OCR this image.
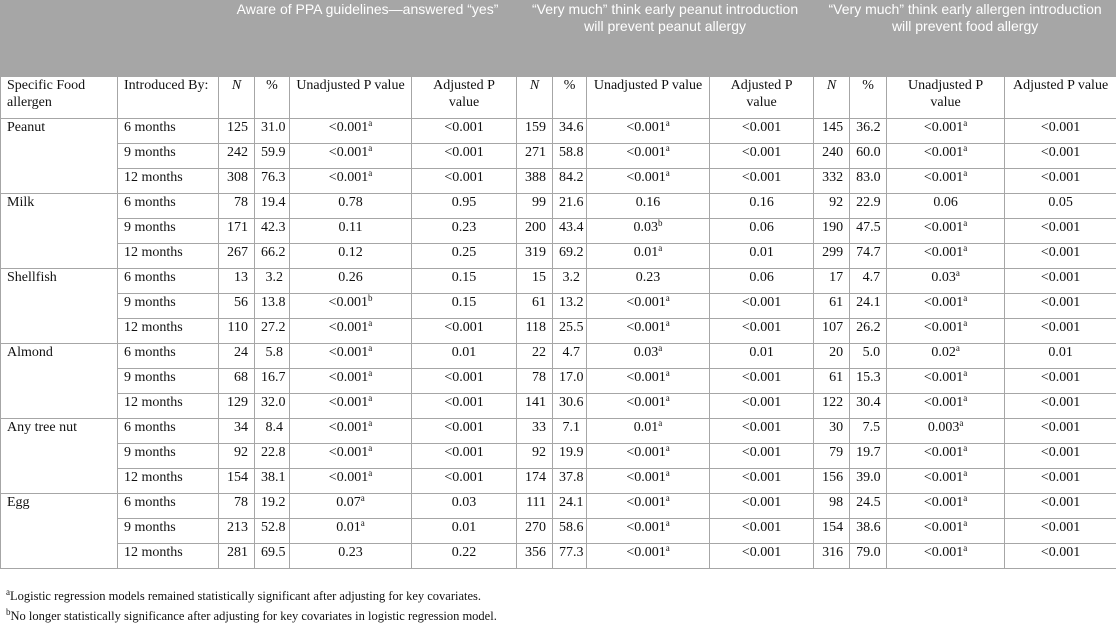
		Aware of PPA guidelines—answered “yes”				“Very much” think early peanut introduction will prevent peanut allergy				“Very much” think early allergen introduction will prevent food allergy			
Specific Food allergen	Introduced By:	N	%	Unadjusted P value	Adjusted P value	N	%	Unadjusted P value	Adjusted P value	N	%	Unadjusted P value	Adjusted P value
Peanut	6 months	125	31.0	<0.001$^a$	<0.001	159	34.6	<0.001$^a$	<0.001	145	36.2	<0.001$^a$	<0.001
	9 months	242	59.9	<0.001$^a$	<0.001	271	58.8	<0.001$^a$	<0.001	240	60.0	<0.001$^a$	<0.001
	12 months	308	76.3	<0.001$^a$	<0.001	388	84.2	<0.001$^a$	<0.001	332	83.0	<0.001$^a$	<0.001
Milk	6 months	78	19.4	0.78	0.95	99	21.6	0.16	0.16	92	22.9	0.06	0.05
	9 months	171	42.3	0.11	0.23	200	43.4	0.03$^b$	0.06	190	47.5	<0.001$^a$	<0.001
	12 months	267	66.2	0.12	0.25	319	69.2	0.01$^a$	0.01	299	74.7	<0.001$^a$	<0.001
Shellfish	6 months	13	3.2	0.26	0.15	15	3.2	0.23	0.06	17	4.7	0.03$^a$	<0.001
	9 months	56	13.8	<0.001$^b$	0.15	61	13.2	<0.001$^a$	<0.001	61	24.1	<0.001$^a$	<0.001
	12 months	110	27.2	<0.001$^a$	<0.001	118	25.5	<0.001$^a$	<0.001	107	26.2	<0.001$^a$	<0.001
Almond	6 months	24	5.8	<0.001$^a$	0.01	22	4.7	0.03$^a$	0.01	20	5.0	0.02$^a$	0.01
	9 months	68	16.7	<0.001$^a$	<0.001	78	17.0	<0.001$^a$	<0.001	61	15.3	<0.001$^a$	<0.001
	12 months	129	32.0	<0.001$^a$	<0.001	141	30.6	<0.001$^a$	<0.001	122	30.4	<0.001$^a$	<0.001
Any tree nut	6 months	34	8.4	<0.001$^a$	<0.001	33	7.1	0.01$^a$	<0.001	30	7.5	0.003$^a$	<0.001
	9 months	92	22.8	<0.001$^a$	<0.001	92	19.9	<0.001$^a$	<0.001	79	19.7	<0.001$^a$	<0.001
	12 months	154	38.1	<0.001$^a$	<0.001	174	37.8	<0.001$^a$	<0.001	156	39.0	<0.001$^a$	<0.001
Egg	6 months	78	19.2	0.07$^a$	0.03	111	24.1	<0.001$^a$	<0.001	98	24.5	<0.001$^a$	<0.001
	9 months	213	52.8	0.01$^a$	0.01	270	58.6	<0.001$^a$	<0.001	154	38.6	<0.001$^a$	<0.001
	12 months	281	69.5	0.23	0.22	356	77.3	<0.001$^a$	<0.001	316	79.0	<0.001$^a$	<0.001
$^a$Logistic regression models remained statistically significant after adjusting for key covariates.
$^b$No longer statistically significance after adjusting for key covariates in logistic regression model.
